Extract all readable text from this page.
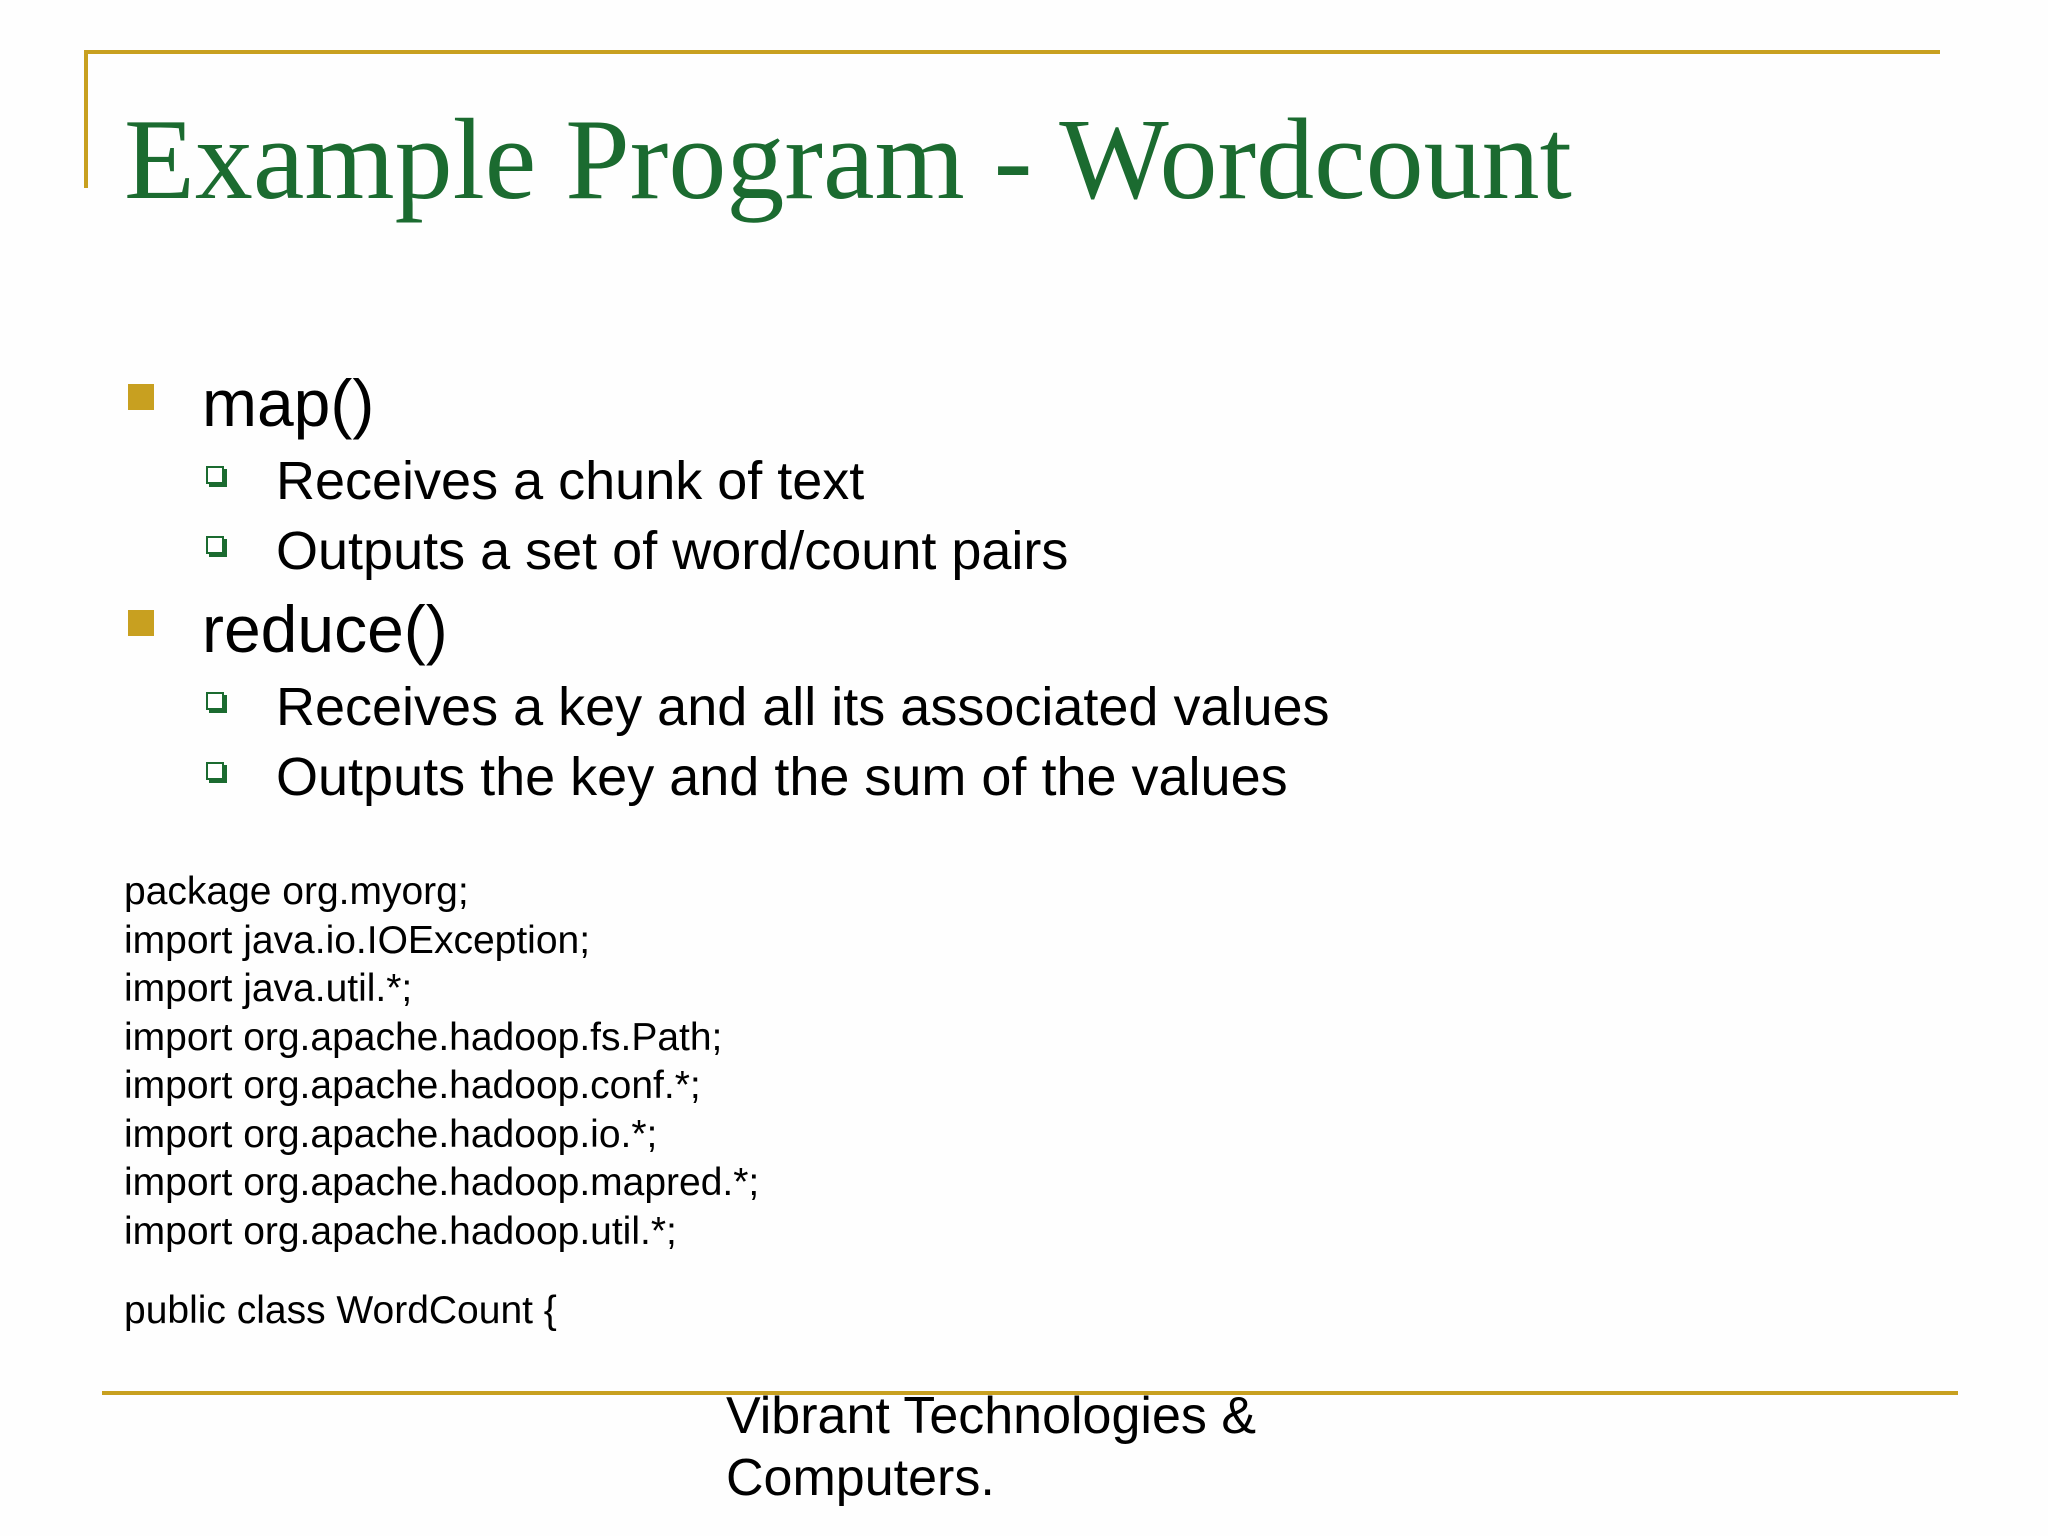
Example Program - Wordcount
map()
Receives a chunk of text
Outputs a set of word/count pairs
reduce()
Receives a key and all its associated values
Outputs the key and the sum of the values
package org.myorg;
import java.io.IOException;
import java.util.*;
import org.apache.hadoop.fs.Path;
import org.apache.hadoop.conf.*;
import org.apache.hadoop.io.*;
import org.apache.hadoop.mapred.*;
import org.apache.hadoop.util.*;
public class WordCount {
Vibrant Technologies &
Computers.
